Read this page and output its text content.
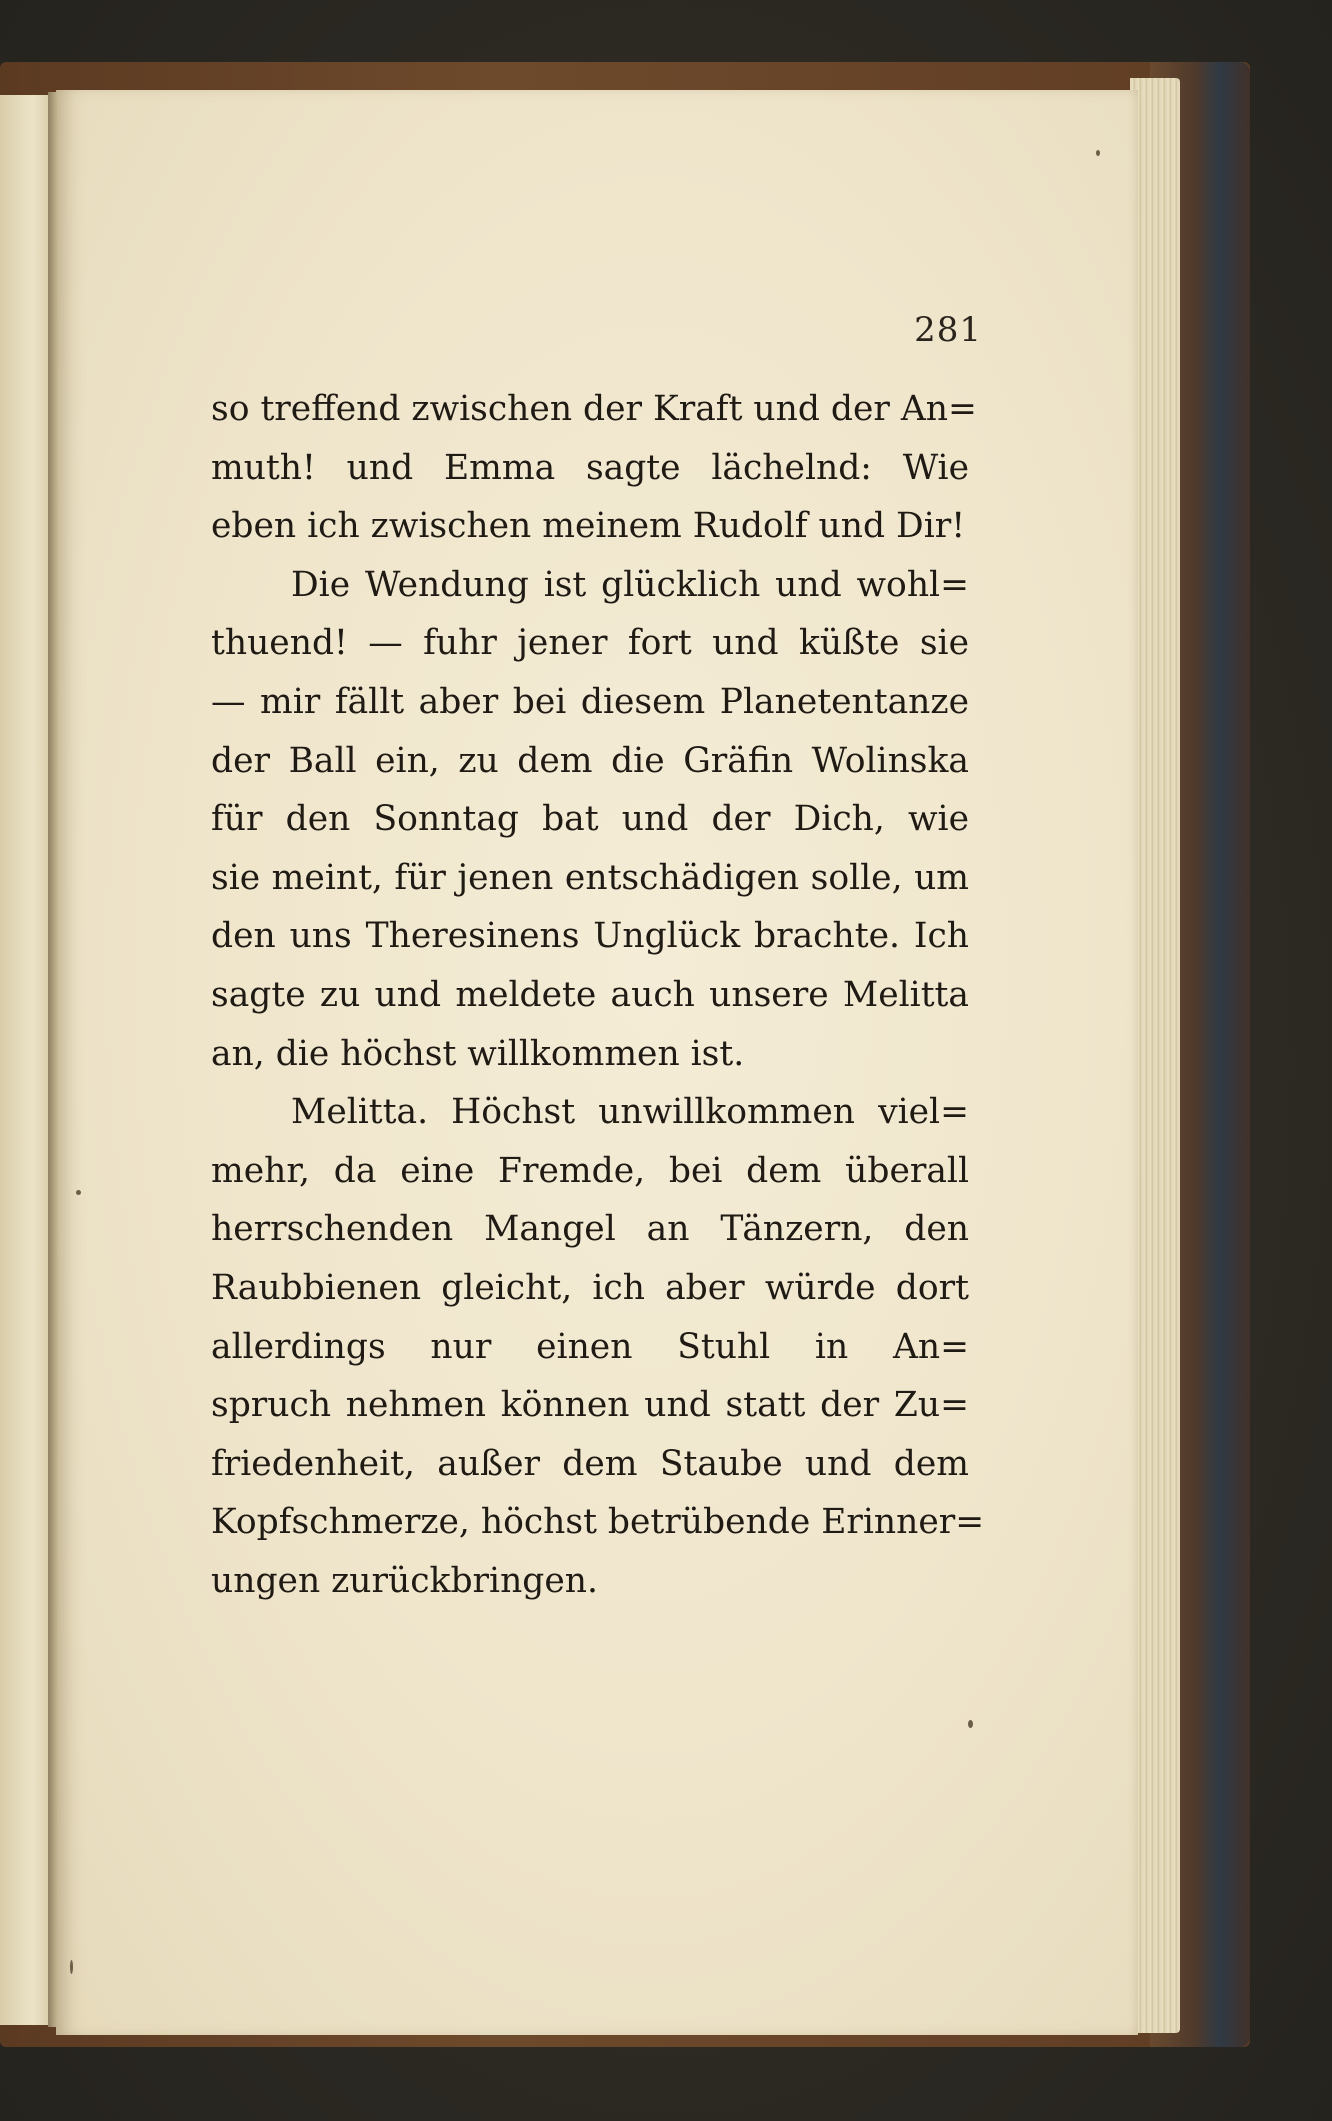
281
so treffend zwischen der Kraft und der An=
muth! und Emma sagte lächelnd: Wie
eben ich zwischen meinem Rudolf und Dir!
Die Wendung ist glücklich und wohl=
thuend! — fuhr jener fort und küßte sie
— mir fällt aber bei diesem Planetentanze
der Ball ein, zu dem die Gräfin Wolinska
für den Sonntag bat und der Dich, wie
sie meint, für jenen entschädigen solle, um
den uns Theresinens Unglück brachte. Ich
sagte zu und meldete auch unsere Melitta
an, die höchst willkommen ist.
Melitta. Höchst unwillkommen viel=
mehr, da eine Fremde, bei dem überall
herrschenden Mangel an Tänzern, den
Raubbienen gleicht, ich aber würde dort
allerdings nur einen Stuhl in An=
spruch nehmen können und statt der Zu=
friedenheit, außer dem Staube und dem
Kopfschmerze, höchst betrübende Erinner=
ungen zurückbringen.
